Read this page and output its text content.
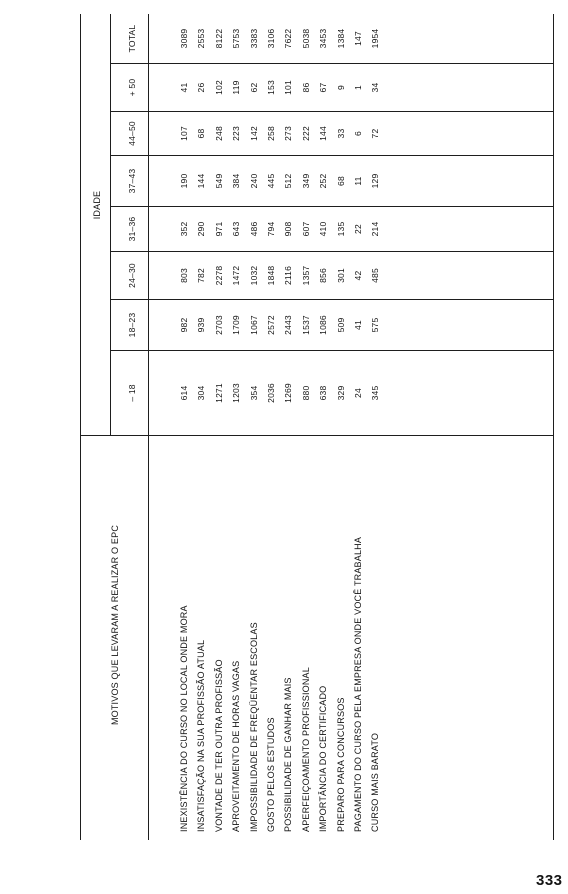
MOTIVOS QUE LEVARAM A REALIZAR O EPC
IDADE
– 18
18–23
24–30
31–36
37–43
44–50
+ 50
TOTAL
INEXISTÊNCIA DO CURSO NO LOCAL ONDE MORA
614
982
803
352
190
107
41
3089
INSATISFAÇÃO NA SUA PROFISSÃO ATUAL
304
939
782
290
144
68
26
2553
VONTADE DE TER OUTRA PROFISSÃO
1271
2703
2278
971
549
248
102
8122
APROVEITAMENTO DE HORAS VAGAS
1203
1709
1472
643
384
223
119
5753
IMPOSSIBILIDADE DE FREQÜENTAR ESCOLAS
354
1067
1032
486
240
142
62
3383
GOSTO PELOS ESTUDOS
2036
2572
1848
794
445
258
153
3106
POSSIBILIDADE DE GANHAR MAIS
1269
2443
2116
908
512
273
101
7622
APERFEIÇOAMENTO PROFISSIONAL
880
1537
1357
607
349
222
86
5038
IMPORTÂNCIA DO CERTIFICADO
638
1086
856
410
252
144
67
3453
PREPARO PARA CONCURSOS
329
509
301
135
68
33
9
1384
PAGAMENTO DO CURSO PELA EMPRESA ONDE VOCÊ TRABALHA
24
41
42
22
11
6
1
147
CURSO MAIS BARATO
345
575
485
214
129
72
34
1954
333
